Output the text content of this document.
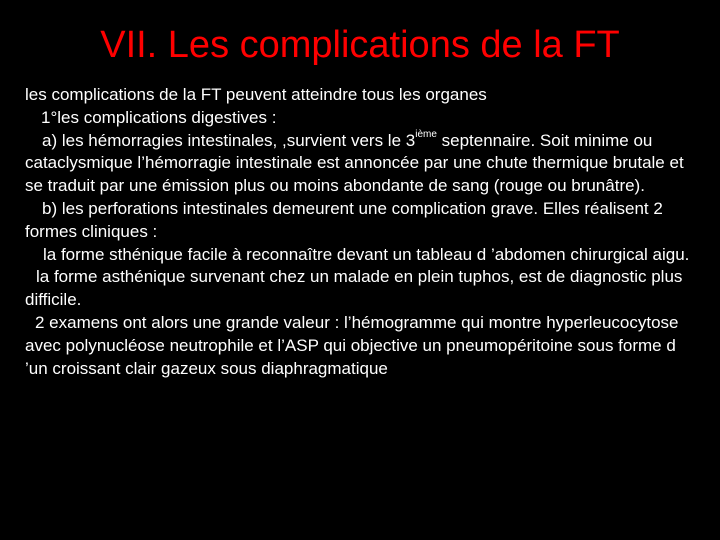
VII. Les complications de la FT

les complications de la FT peuvent atteindre tous les organes

1°les complications digestives :

a) les hémorragies intestinales, ,survient vers le 3ième septennaire. Soit minime ou cataclysmique l’hémorragie intestinale est annoncée par une chute thermique brutale et se traduit par une émission plus ou moins abondante de sang (rouge ou brunâtre).

b) les perforations intestinales demeurent une complication grave. Elles réalisent 2 formes cliniques :

la forme sthénique facile à reconnaître devant un tableau d ’abdomen chirurgical aigu.

la forme asthénique survenant chez un malade en plein tuphos, est de diagnostic plus difficile.

2 examens ont alors une grande valeur : l’hémogramme qui montre hyperleucocytose avec polynucléose neutrophile et l’ASP qui objective un pneumopéritoine sous forme d ’un croissant clair gazeux sous diaphragmatique
